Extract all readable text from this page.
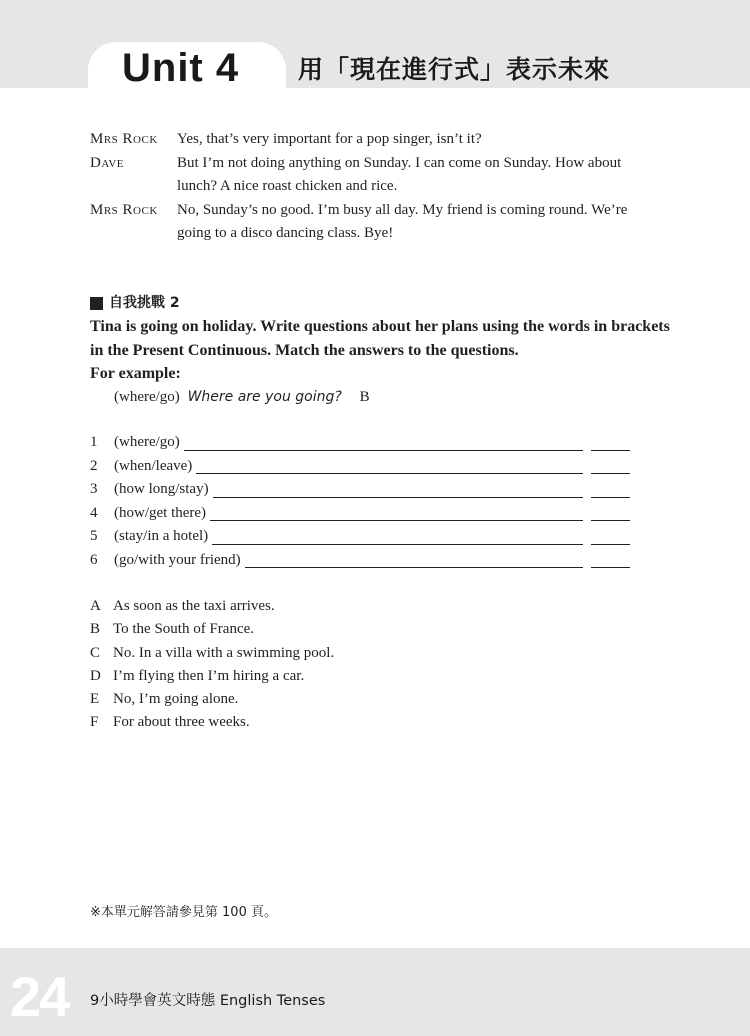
Unit 4 用「現在進行式」表示未來
Mrs Rock	Yes, that’s very important for a pop singer, isn’t it?
Dave	But I’m not doing anything on Sunday. I can come on Sunday. How about lunch? A nice roast chicken and rice.
Mrs Rock	No, Sunday’s no good. I’m busy all day. My friend is coming round. We’re going to a disco dancing class. Bye!
自我挑戰 2
Tina is going on holiday. Write questions about her plans using the words in brackets in the Present Continuous. Match the answers to the questions.
For example:
(where/go) Where are you going? B
1	(where/go)
2	(when/leave)
3	(how long/stay)
4	(how/get there)
5	(stay/in a hotel)
6	(go/with your friend)
A As soon as the taxi arrives.
B To the South of France.
C No. In a villa with a swimming pool.
D I’m flying then I’m hiring a car.
E No, I’m going alone.
F For about three weeks.
※本單元解答請參見第 100 頁。
24 9小時學會英文時態 English Tenses
